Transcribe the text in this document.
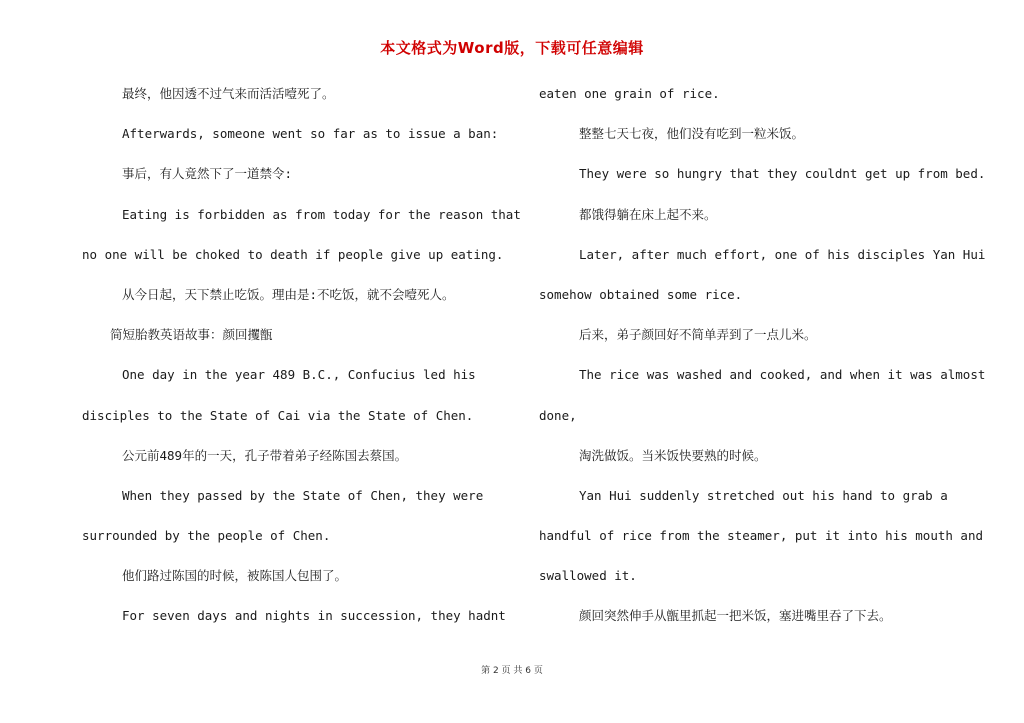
本文格式为Word版，下载可任意编辑
最终，他因透不过气来而活活噎死了。
Afterwards, someone went so far as to issue a ban:
事后，有人竟然下了一道禁令:
Eating is forbidden as from today for the reason that
no one will be choked to death if people give up eating.
从今日起，天下禁止吃饭。理由是:不吃饭，就不会噎死人。
简短胎教英语故事：颜回攫甑
One day in the year 489 B.C., Confucius led his
disciples to the State of Cai via the State of Chen.
公元前489年的一天，孔子带着弟子经陈国去蔡国。
When they passed by the State of Chen, they were
surrounded by the people of Chen.
他们路过陈国的时候，被陈国人包围了。
For seven days and nights in succession, they hadnt
eaten one grain of rice.
整整七天七夜，他们没有吃到一粒米饭。
They were so hungry that they couldnt get up from bed.
都饿得躺在床上起不来。
Later, after much effort, one of his disciples Yan Hui
somehow obtained some rice.
后来，弟子颜回好不简单弄到了一点儿米。
The rice was washed and cooked, and when it was almost
done,
淘洗做饭。当米饭快要熟的时候。
Yan Hui suddenly stretched out his hand to grab a
handful of rice from the steamer, put it into his mouth and
swallowed it.
颜回突然伸手从甑里抓起一把米饭，塞进嘴里吞了下去。
第 2 页 共 6 页
